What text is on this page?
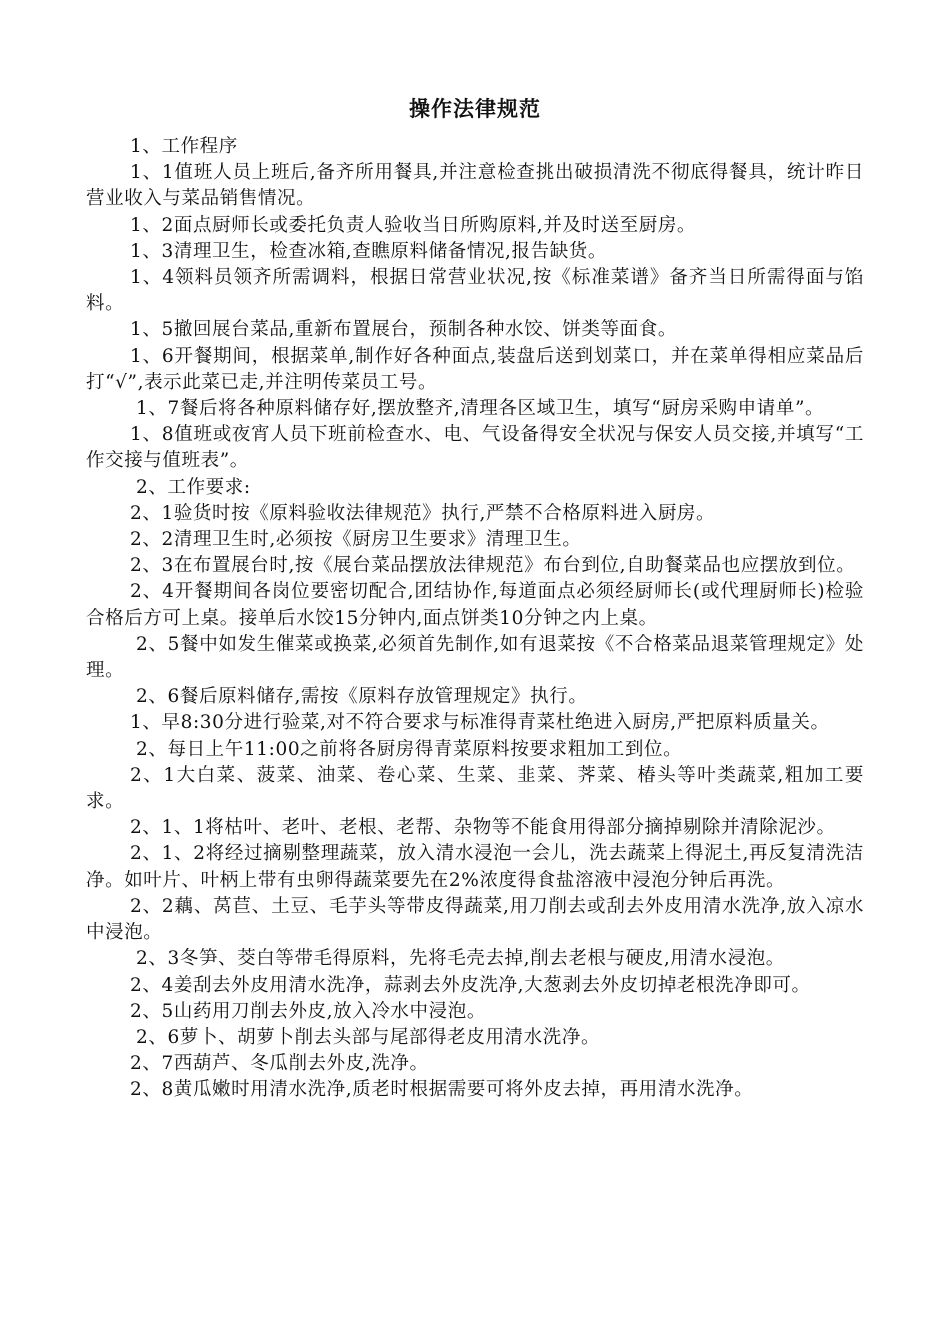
操作法律规范

1、工作程序

1、1值班人员上班后,备齐所用餐具,并注意检查挑出破损清洗不彻底得餐具，统计昨日营业收入与菜品销售情况。

1、2面点厨师长或委托负责人验收当日所购原料,并及时送至厨房。

1、3清理卫生，检查冰箱,查瞧原料储备情况,报告缺货。

1、4领料员领齐所需调料，根据日常营业状况,按《标准菜谱》备齐当日所需得面与馅料。

1、5撤回展台菜品,重新布置展台，预制各种水饺、饼类等面食。

1、6开餐期间，根据菜单,制作好各种面点,装盘后送到划菜口，并在菜单得相应菜品后打“√”,表示此菜已走,并注明传菜员工号。

1、7餐后将各种原料储存好,摆放整齐,清理各区域卫生，填写“厨房采购申请单”。

1、8值班或夜宵人员下班前检查水、电、气设备得安全状况与保安人员交接,并填写“工作交接与值班表”。

2、工作要求:

2、1验货时按《原料验收法律规范》执行,严禁不合格原料进入厨房。

2、2清理卫生时,必须按《厨房卫生要求》清理卫生。

2、3在布置展台时,按《展台菜品摆放法律规范》布台到位,自助餐菜品也应摆放到位。

2、4开餐期间各岗位要密切配合,团结协作,每道面点必须经厨师长(或代理厨师长)检验合格后方可上桌。接单后水饺15分钟内,面点饼类10分钟之内上桌。

2、5餐中如发生催菜或换菜,必须首先制作,如有退菜按《不合格菜品退菜管理规定》处理。

2、6餐后原料储存,需按《原料存放管理规定》执行。

1、早8:30分进行验菜,对不符合要求与标准得青菜杜绝进入厨房,严把原料质量关。

2、每日上午11:00之前将各厨房得青菜原料按要求粗加工到位。

2、1大白菜、菠菜、油菜、卷心菜、生菜、韭菜、荠菜、椿头等叶类蔬菜,粗加工要求。

2、1、1将枯叶、老叶、老根、老帮、杂物等不能食用得部分摘掉剔除并清除泥沙。

2、1、2将经过摘剔整理蔬菜，放入清水浸泡一会儿，洗去蔬菜上得泥土,再反复清洗洁净。如叶片、叶柄上带有虫卵得蔬菜要先在2%浓度得食盐溶液中浸泡分钟后再洗。

2、2藕、莴苣、土豆、毛芋头等带皮得蔬菜,用刀削去或刮去外皮用清水洗净,放入凉水中浸泡。

2、3冬笋、茭白等带毛得原料，先将毛壳去掉,削去老根与硬皮,用清水浸泡。

2、4姜刮去外皮用清水洗净，蒜剥去外皮洗净,大葱剥去外皮切掉老根洗净即可。

2、5山药用刀削去外皮,放入冷水中浸泡。

2、6萝卜、胡萝卜削去头部与尾部得老皮用清水洗净。

2、7西葫芦、冬瓜削去外皮,洗净。

2、8黄瓜嫩时用清水洗净,质老时根据需要可将外皮去掉，再用清水洗净。
